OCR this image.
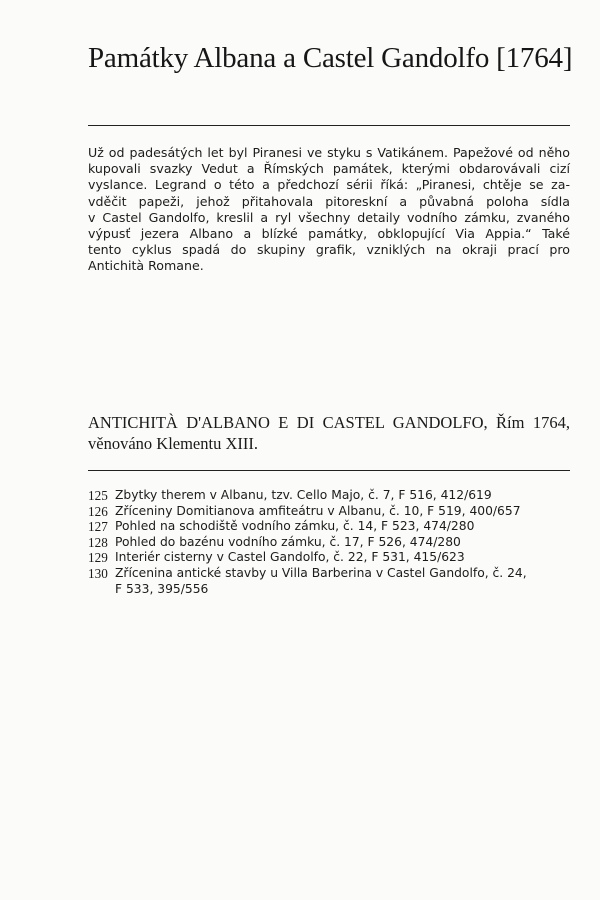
Památky Albana a Castel Gandolfo [1764]
Už od padesátých let byl Piranesi ve styku s Vatikánem. Papežové od něho
kupovali svazky Vedut a Římských památek, kterými obdarovávali cizí
vyslance. Legrand o této a předchozí sérii říká: „Piranesi, chtěje se za-
vděčit papeži, jehož přitahovala pitoreskní a půvabná poloha sídla
v Castel Gandolfo, kreslil a ryl všechny detaily vodního zámku, zvaného
výpusť jezera Albano a blízké památky, obklopující Via Appia.“ Také
tento cyklus spadá do skupiny grafik, vzniklých na okraji prací pro
Antichità Romane.
ANTICHITÀ D'ALBANO E DI CASTEL GANDOLFO, Řím 1764,
věnováno Klementu XIII.
125 Zbytky therem v Albanu, tzv. Cello Majo, č. 7, F 516, 412/619
126 Zříceniny Domitianova amfiteátru v Albanu, č. 10, F 519, 400/657
127 Pohled na schodiště vodního zámku, č. 14, F 523, 474/280
128 Pohled do bazénu vodního zámku, č. 17, F 526, 474/280
129 Interiér cisterny v Castel Gandolfo, č. 22, F 531, 415/623
130 Zřícenina antické stavby u Villa Barberina v Castel Gandolfo, č. 24,
F 533, 395/556
